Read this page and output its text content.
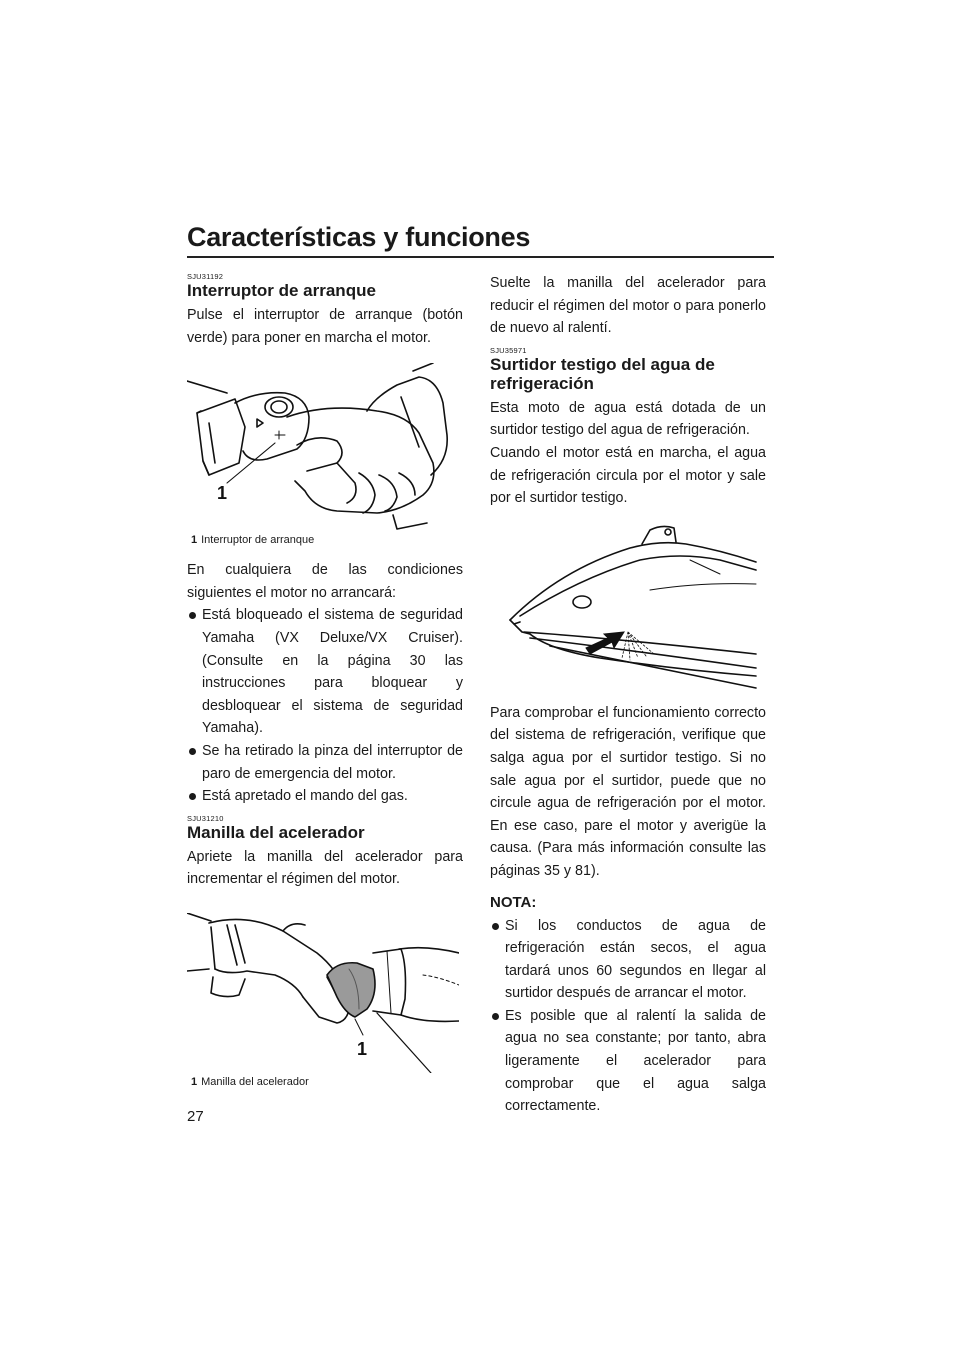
Características y funciones
SJU31192
Interruptor de arranque

Pulse el interruptor de arranque (botón verde) para poner en marcha el motor.

1
1 Interruptor de arranque

En cualquiera de las condiciones siguientes el motor no arrancará:

Está bloqueado el sistema de seguridad Yamaha (VX Deluxe/VX Cruiser). (Consulte en la página 30 las instrucciones para bloquear y desbloquear el sistema de seguridad Yamaha).
Se ha retirado la pinza del interruptor de paro de emergencia del motor.
Está apretado el mando del gas.
SJU31210
Manilla del acelerador

Apriete la manilla del acelerador para incrementar el régimen del motor.

1
1 Manilla del acelerador

Suelte la manilla del acelerador para reducir el régimen del motor o para ponerlo de nuevo al ralentí.

SJU35971
Surtidor testigo del agua de refrigeración

Esta moto de agua está dotada de un surtidor testigo del agua de refrigeración.

Cuando el motor está en marcha, el agua de refrigeración circula por el motor y sale por el surtidor testigo.

Para comprobar el funcionamiento correcto del sistema de refrigeración, verifique que salga agua por el surtidor testigo. Si no sale agua por el surtidor, puede que no circule agua de refrigeración por el motor. En ese caso, pare el motor y averigüe la causa. (Para más información consulte las páginas 35 y 81).

NOTA:
Si los conductos de agua de refrigeración están secos, el agua tardará unos 60 segundos en llegar al surtidor después de arrancar el motor.
Es posible que al ralentí la salida de agua no sea constante; por tanto, abra ligeramente el acelerador para comprobar que el agua salga correctamente.
27
